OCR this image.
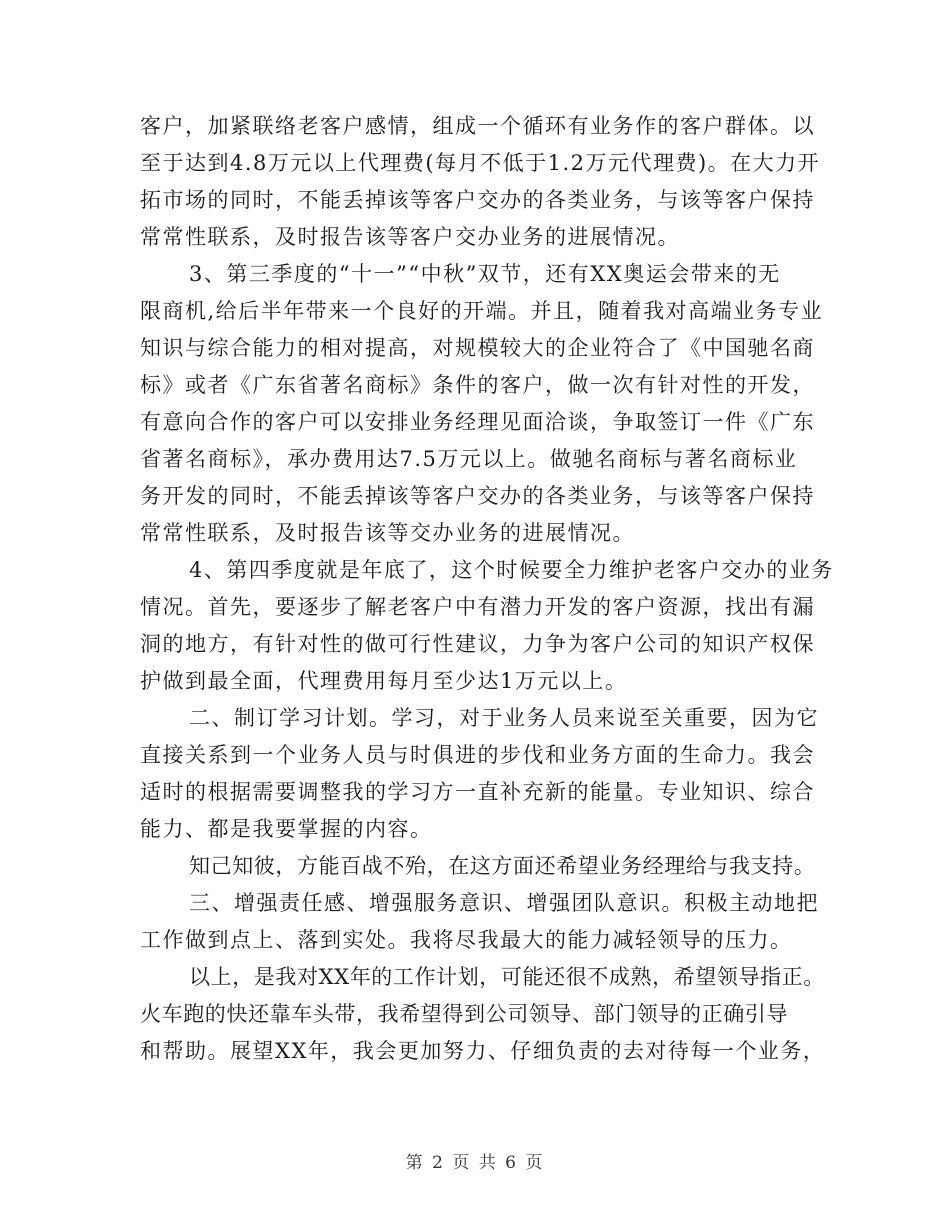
客户，加紧联络老客户感情，组成一个循环有业务作的客户群体。以

至于达到4.8万元以上代理费(每月不低于1.2万元代理费)。在大力开

拓市场的同时，不能丢掉该等客户交办的各类业务，与该等客户保持

常常性联系，及时报告该等客户交办业务的进展情况。

3、第三季度的“十一”“中秋”双节，还有XX奥运会带来的无

限商机,给后半年带来一个良好的开端。并且，随着我对高端业务专业

知识与综合能力的相对提高，对规模较大的企业符合了《中国驰名商

标》或者《广东省著名商标》条件的客户，做一次有针对性的开发，

有意向合作的客户可以安排业务经理见面洽谈，争取签订一件《广东

省著名商标》，承办费用达7.5万元以上。做驰名商标与著名商标业

务开发的同时，不能丢掉该等客户交办的各类业务，与该等客户保持

常常性联系，及时报告该等交办业务的进展情况。

4、第四季度就是年底了，这个时候要全力维护老客户交办的业务

情况。首先，要逐步了解老客户中有潜力开发的客户资源，找出有漏

洞的地方，有针对性的做可行性建议，力争为客户公司的知识产权保

护做到最全面，代理费用每月至少达1万元以上。

二、制订学习计划。学习，对于业务人员来说至关重要，因为它

直接关系到一个业务人员与时俱进的步伐和业务方面的生命力。我会

适时的根据需要调整我的学习方一直补充新的能量。专业知识、综合

能力、都是我要掌握的内容。

知己知彼，方能百战不殆，在这方面还希望业务经理给与我支持。

三、增强责任感、增强服务意识、增强团队意识。积极主动地把

工作做到点上、落到实处。我将尽我最大的能力减轻领导的压力。

以上，是我对XX年的工作计划，可能还很不成熟，希望领导指正。

火车跑的快还靠车头带，我希望得到公司领导、部门领导的正确引导

和帮助。展望XX年，我会更加努力、仔细负责的去对待每一个业务，

第 2 页 共 6 页
